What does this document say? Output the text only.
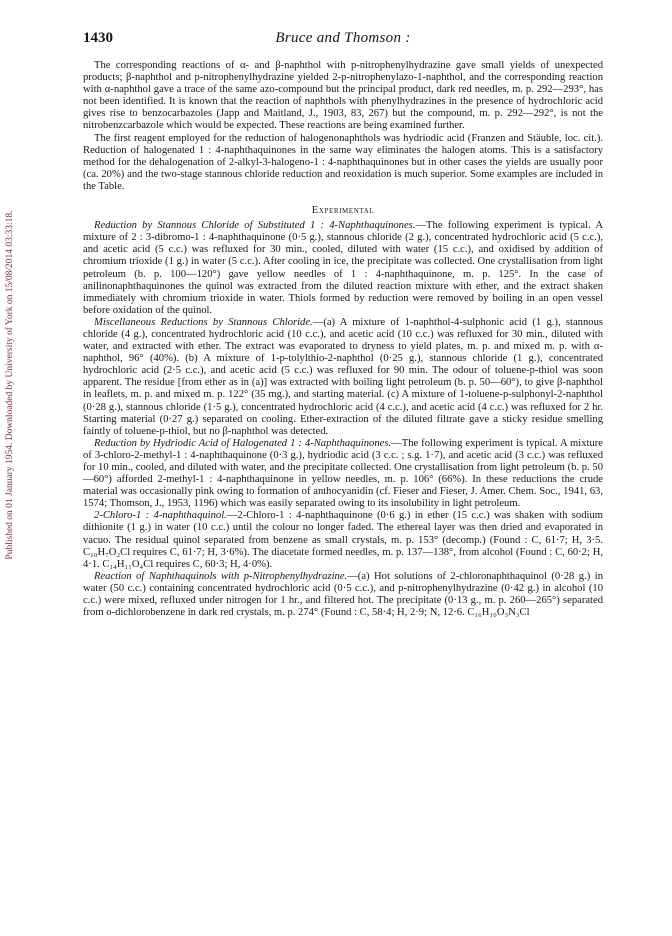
Published on 01 January 1954. Downloaded by University of York on 15/08/2014 03:33:18.
1430	Bruce and Thomson :

The corresponding reactions of α- and β-naphthol with p-nitrophenylhydrazine gave small yields of unexpected products; β-naphthol and p-nitrophenylhydrazine yielded 2-p-nitrophenylazo-1-naphthol, and the corresponding reaction with α-naphthol gave a trace of the same azo-compound but the principal product, dark red needles, m. p. 292—293°, has not been identified. It is known that the reaction of naphthols with phenylhydrazines in the presence of hydrochloric acid gives rise to benzocarbazoles (Japp and Maitland, J., 1903, 83, 267) but the compound, m. p. 292—292°, is not the nitrobenzcarbazole which would be expected. These reactions are being examined further.

The first reagent employed for the reduction of halogenonaphthols was hydriodic acid (Franzen and Stäuble, loc. cit.). Reduction of halogenated 1 : 4-naphthaquinones in the same way eliminates the halogen atoms. This is a satisfactory method for the dehalogenation of 2-alkyl-3-halogeno-1 : 4-naphthaquinones but in other cases the yields are usually poor (ca. 20%) and the two-stage stannous chloride reduction and reoxidation is much superior. Some examples are included in the Table.

Experimental

Reduction by Stannous Chloride of Substituted 1 : 4-Naphthaquinones.—The following experiment is typical. A mixture of 2 : 3-dibromo-1 : 4-naphthaquinone (0·5 g.), stannous chloride (2 g.), concentrated hydrochloric acid (5 c.c.), and acetic acid (5 c.c.) was refluxed for 30 min., cooled, diluted with water (15 c.c.), and oxidised by addition of chromium trioxide (1 g.) in water (5 c.c.). After cooling in ice, the precipitate was collected. One crystallisation from light petroleum (b. p. 100—120°) gave yellow needles of 1 : 4-naphthaquinone, m. p. 125°. In the case of anilinonaphthaquinones the quinol was extracted from the diluted reaction mixture with ether, and the extract shaken immediately with chromium trioxide in water. Thiols formed by reduction were removed by boiling in an open vessel before oxidation of the quinol.

Miscellaneous Reductions by Stannous Chloride.—(a) A mixture of 1-naphthol-4-sulphonic acid (1 g.), stannous chloride (4 g.), concentrated hydrochloric acid (10 c.c.), and acetic acid (10 c.c.) was refluxed for 30 min., diluted with water, and extracted with ether. The extract was evaporated to dryness to yield plates, m. p. and mixed m. p. with α-naphthol, 96° (40%). (b) A mixture of 1-p-tolylthio-2-naphthol (0·25 g.), stannous chloride (1 g.), concentrated hydrochloric acid (2·5 c.c.), and acetic acid (5 c.c.) was refluxed for 90 min. The odour of toluene-p-thiol was soon apparent. The residue [from ether as in (a)] was extracted with boiling light petroleum (b. p. 50—60°), to give β-naphthol in leaflets, m. p. and mixed m. p. 122° (35 mg.), and starting material. (c) A mixture of 1-toluene-p-sulphonyl-2-naphthol (0·28 g.), stannous chloride (1·5 g.), concentrated hydrochloric acid (4 c.c.), and acetic acid (4 c.c.) was refluxed for 2 hr. Starting material (0·27 g.) separated on cooling. Ether-extraction of the diluted filtrate gave a sticky residue smelling faintly of toluene-p-thiol, but no β-naphthol was detected.

Reduction by Hydriodic Acid of Halogenated 1 : 4-Naphthaquinones.—The following experiment is typical. A mixture of 3-chloro-2-methyl-1 : 4-naphthaquinone (0·3 g.), hydriodic acid (3 c.c. ; s.g. 1·7), and acetic acid (3 c.c.) was refluxed for 10 min., cooled, and diluted with water, and the precipitate collected. One crystallisation from light petroleum (b. p. 50—60°) afforded 2-methyl-1 : 4-naphthaquinone in yellow needles, m. p. 106° (66%). In these reductions the crude material was occasionally pink owing to formation of anthocyanidin (cf. Fieser and Fieser, J. Amer. Chem. Soc., 1941, 63, 1574; Thomson, J., 1953, 1196) which was easily separated owing to its insolubility in light petroleum.

2-Chloro-1 : 4-naphthaquinol.—2-Chloro-1 : 4-naphthaquinone (0·6 g.) in ether (15 c.c.) was shaken with sodium dithionite (1 g.) in water (10 c.c.) until the colour no longer faded. The ethereal layer was then dried and evaporated in vacuo. The residual quinol separated from benzene as small crystals, m. p. 153° (decomp.) (Found : C, 61·7; H, 3·5. C₁₀H₇O₂Cl requires C, 61·7; H, 3·6%). The diacetate formed needles, m. p. 137—138°, from alcohol (Found : C, 60·2; H, 4·1. C₁₄H₁₁O₄Cl requires C, 60·3; H, 4·0%).

Reaction of Naphthaquinols with p-Nitrophenylhydrazine.—(a) Hot solutions of 2-chloronaphthaquinol (0·28 g.) in water (50 c.c.) containing concentrated hydrochloric acid (0·5 c.c.), and p-nitrophenylhydrazine (0·42 g.) in alcohol (10 c.c.) were mixed, refluxed under nitrogen for 1 hr., and filtered hot. The precipitate (0·13 g., m. p. 260—265°) separated from o-dichlorobenzene in dark red crystals, m. p. 274° (Found : C, 58·4; H, 2·9; N, 12·6. C₁₆H₁₀O₃N₃Cl
